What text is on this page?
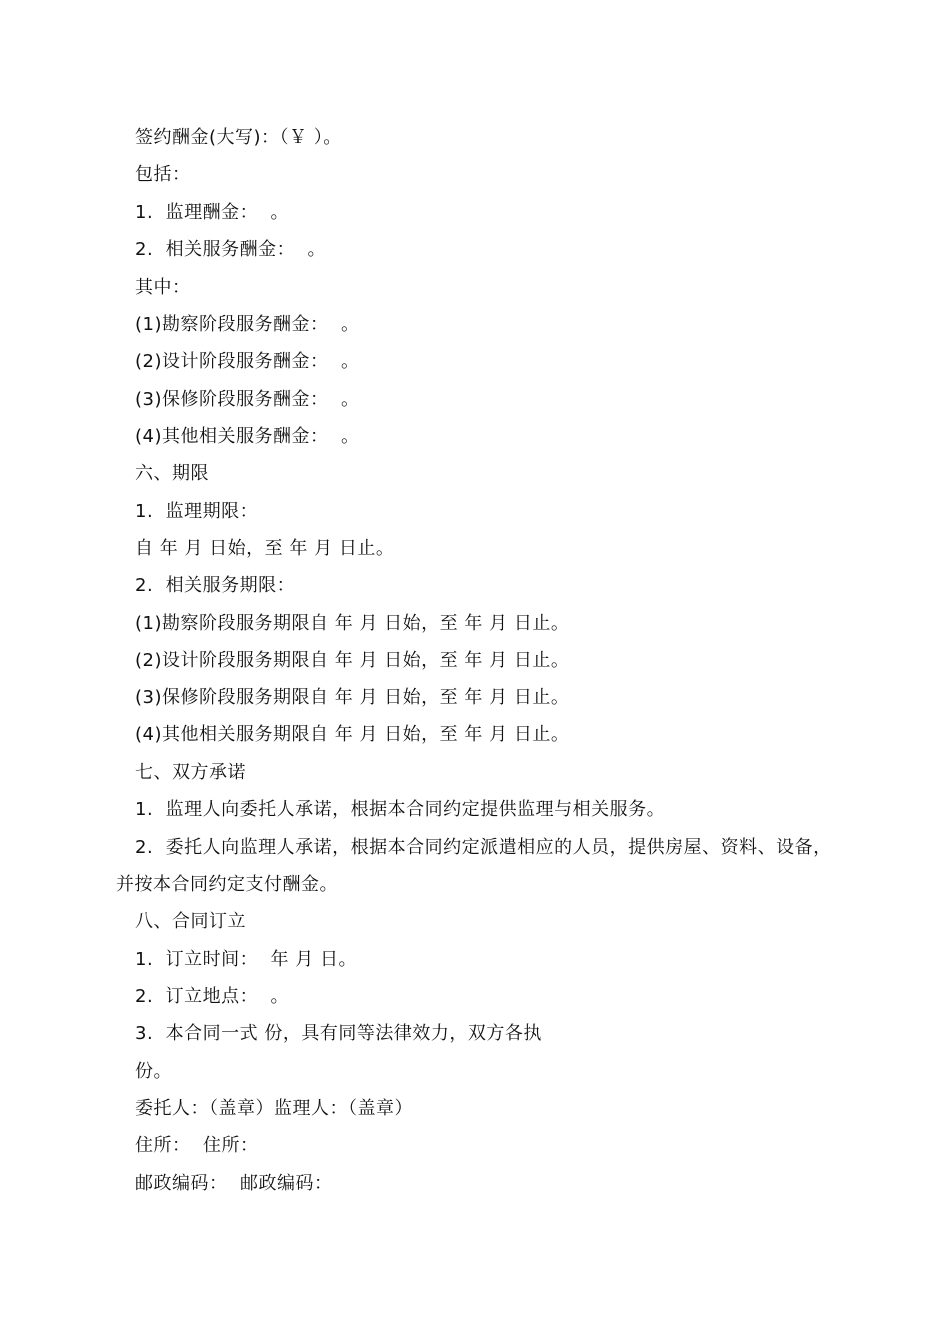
签约酬金(大写)：（￥ ）。
包括：
1.  监理酬金：  。
2.  相关服务酬金：  。
其中：
(1)勘察阶段服务酬金：  。
(2)设计阶段服务酬金：  。
(3)保修阶段服务酬金：  。
(4)其他相关服务酬金：  。
六、期限
1.  监理期限：
自 年 月 日始，至 年 月 日止。
2.  相关服务期限：
(1)勘察阶段服务期限自 年 月 日始，至 年 月 日止。
(2)设计阶段服务期限自 年 月 日始，至 年 月 日止。
(3)保修阶段服务期限自 年 月 日始，至 年 月 日止。
(4)其他相关服务期限自 年 月 日始，至 年 月 日止。
七、双方承诺
1.  监理人向委托人承诺，根据本合同约定提供监理与相关服务。
2.  委托人向监理人承诺，根据本合同约定派遣相应的人员，提供房屋、资料、设备，
并按本合同约定支付酬金。
八、合同订立
1.  订立时间：  年 月 日。
2.  订立地点：  。
3.  本合同一式 份，具有同等法律效力，双方各执
份。
委托人：（盖章）监理人：（盖章）
住所：  住所：
邮政编码：  邮政编码：
